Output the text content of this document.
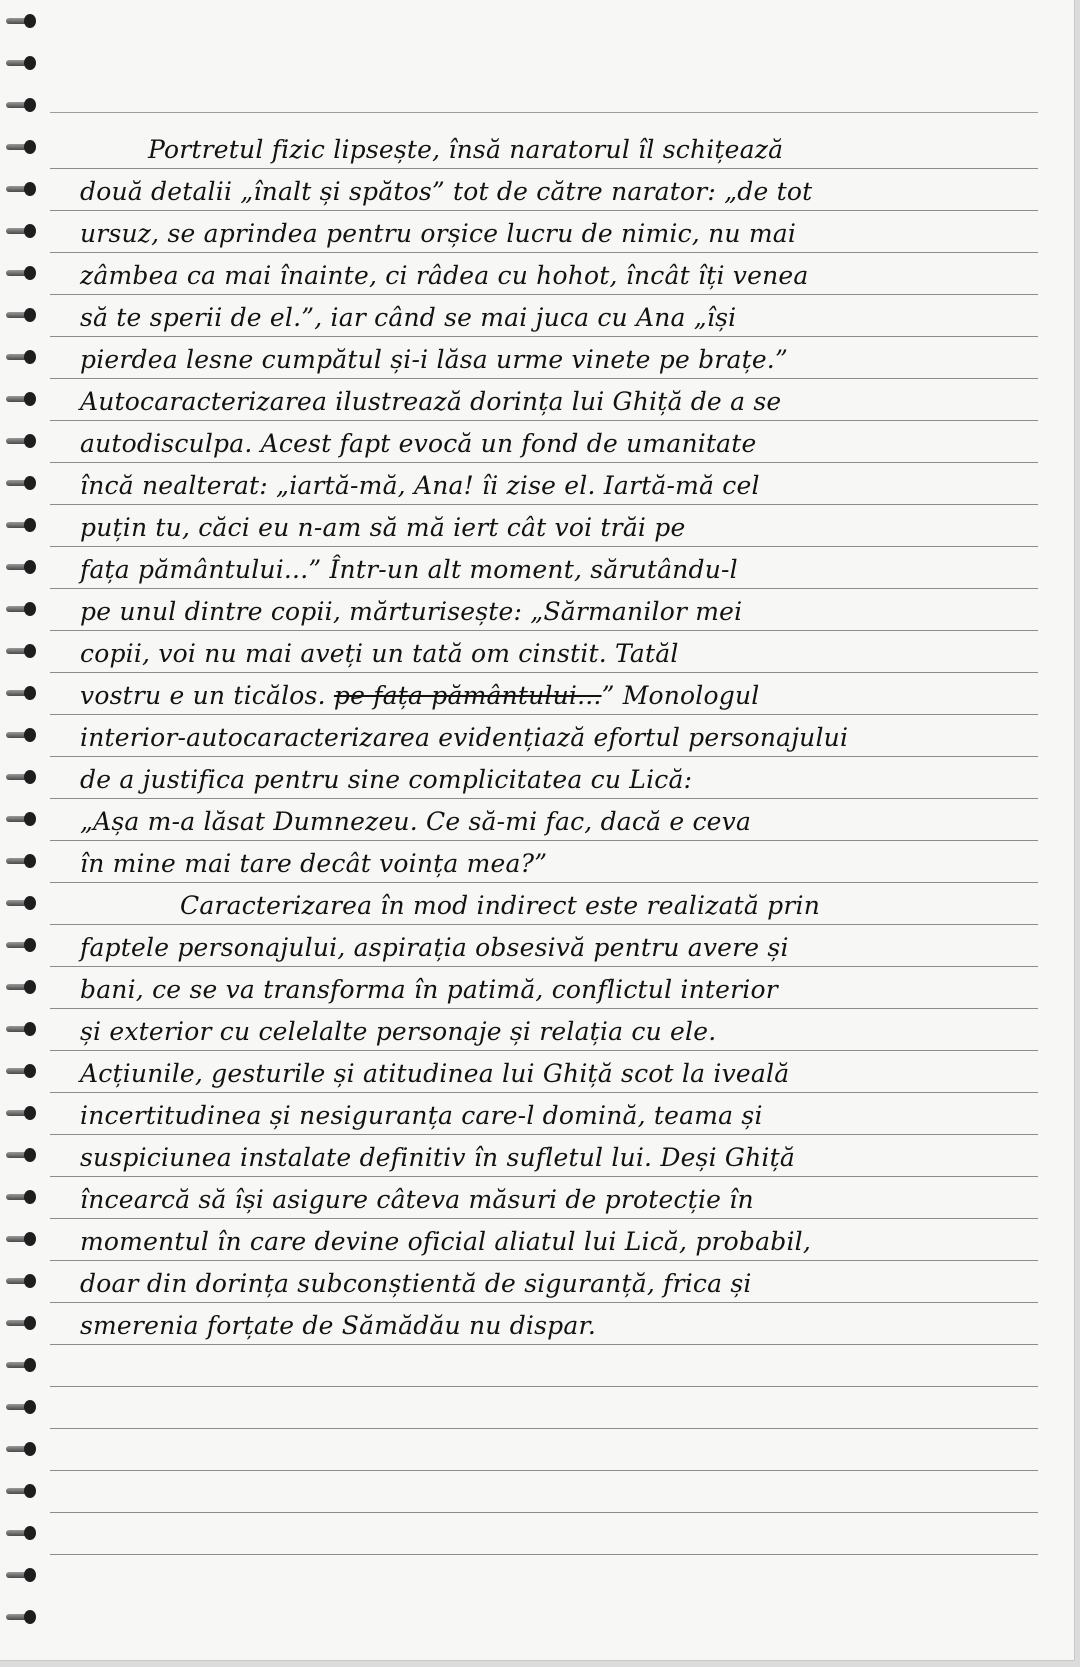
Portretul fizic lipsește, însă naratorul îl schițează
două detalii „înalt și spătos” tot de către narator: „de tot
ursuz, se aprindea pentru orșice lucru de nimic, nu mai
zâmbea ca mai înainte, ci râdea cu hohot, încât îți venea
să te sperii de el.”, iar când se mai juca cu Ana „își
pierdea lesne cumpătul și-i lăsa urme vinete pe brațe.”
Autocaracterizarea ilustrează dorința lui Ghiță de a se
autodisculpa. Acest fapt evocă un fond de umanitate
încă nealterat: „iartă-mă, Ana! îi zise el. Iartă-mă cel
puțin tu, căci eu n-am să mă iert cât voi trăi pe
fața pământului...” Într-un alt moment, sărutându-l
pe unul dintre copii, mărturisește: „Sărmanilor mei
copii, voi nu mai aveți un tată om cinstit. Tatăl
vostru e un ticălos. pe fața pământului...” Monologul
interior-autocaracterizarea evidențiază efortul personajului
de a justifica pentru sine complicitatea cu Lică:
„Așa m-a lăsat Dumnezeu. Ce să-mi fac, dacă e ceva
în mine mai tare decât voința mea?”
Caracterizarea în mod indirect este realizată prin
faptele personajului, aspirația obsesivă pentru avere și
bani, ce se va transforma în patimă, conflictul interior
și exterior cu celelalte personaje și relația cu ele.
Acțiunile, gesturile și atitudinea lui Ghiță scot la iveală
incertitudinea și nesiguranța care-l domină, teama și
suspiciunea instalate definitiv în sufletul lui. Deși Ghiță
încearcă să își asigure câteva măsuri de protecție în
momentul în care devine oficial aliatul lui Lică, probabil,
doar din dorința subconștientă de siguranță, frica și
smerenia forțate de Sămădău nu dispar.
